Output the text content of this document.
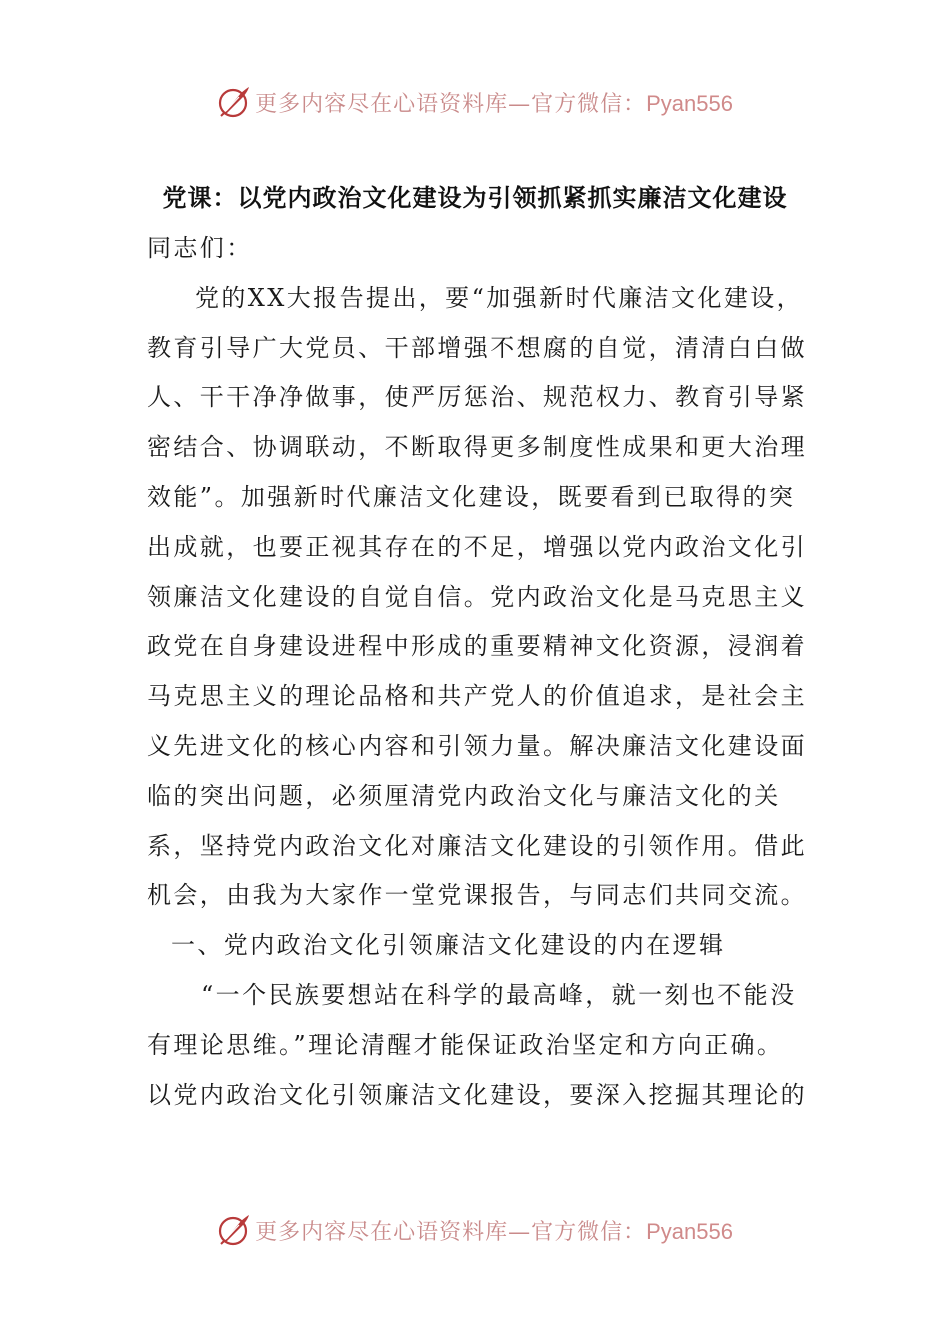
更多内容尽在心语资料库—官方微信：Pyan556
党课：以党内政治文化建设为引领抓紧抓实廉洁文化建设

同志们：

党的XX大报告提出，要“加强新时代廉洁文化建设，教育引导广大党员、干部增强不想腐的自觉，清清白白做人、干干净净做事，使严厉惩治、规范权力、教育引导紧密结合、协调联动，不断取得更多制度性成果和更大治理效能”。加强新时代廉洁文化建设，既要看到已取得的突出成就，也要正视其存在的不足，增强以党内政治文化引领廉洁文化建设的自觉自信。党内政治文化是马克思主义政党在自身建设进程中形成的重要精神文化资源，浸润着马克思主义的理论品格和共产党人的价值追求，是社会主义先进文化的核心内容和引领力量。解决廉洁文化建设面临的突出问题，必须厘清党内政治文化与廉洁文化的关系，坚持党内政治文化对廉洁文化建设的引领作用。借此机会，由我为大家作一堂党课报告，与同志们共同交流。

一、党内政治文化引领廉洁文化建设的内在逻辑

“一个民族要想站在科学的最高峰，就一刻也不能没有理论思维。”理论清醒才能保证政治坚定和方向正确。以党内政治文化引领廉洁文化建设，要深入挖掘其理论的

更多内容尽在心语资料库—官方微信：Pyan556
